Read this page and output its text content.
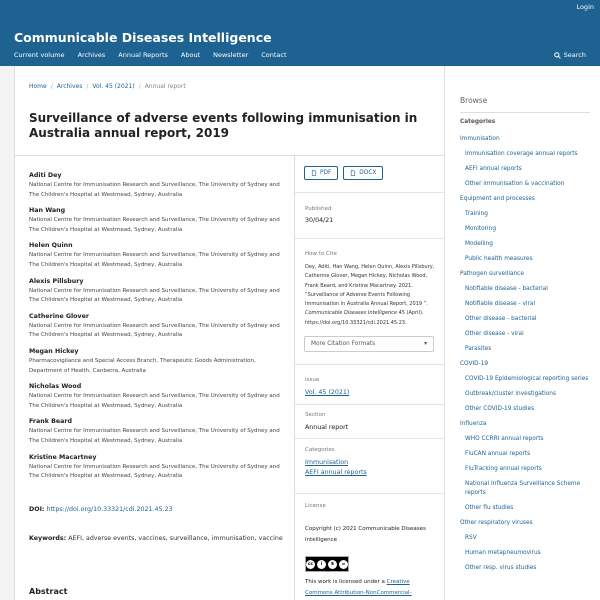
Login
Communicable Diseases Intelligence
Current volume Archives Annual Reports About Newsletter Contact	Search
Home / Archives / Vol. 45 (2021) / Annual report
Surveillance of adverse events following immunisation in Australia annual report, 2019
Aditi Dey
National Centre for Immunisation Research and Surveillance, The University of Sydney and The Children's Hospital at Westmead, Sydney, Australia
Han Wang
National Centre for Immunisation Research and Surveillance, The University of Sydney and The Children's Hospital at Westmead, Sydney, Australia
Helen Quinn
National Centre for Immunisation Research and Surveillance, The University of Sydney and The Children's Hospital at Westmead, Sydney, Australia
Alexis Pillsbury
National Centre for Immunisation Research and Surveillance, The University of Sydney and The Children's Hospital at Westmead, Sydney, Australia
Catherine Glover
National Centre for Immunisation Research and Surveillance, The University of Sydney and The Children's Hospital at Westmead, Sydney, Australia
Megan Hickey
Pharmacovigilance and Special Access Branch, Therapeutic Goods Administration, Department of Health, Canberra, Australia
Nicholas Wood
National Centre for Immunisation Research and Surveillance, The University of Sydney and The Children's Hospital at Westmead, Sydney, Australia
Frank Beard
National Centre for Immunisation Research and Surveillance, The University of Sydney and The Children's Hospital at Westmead, Sydney, Australia
Kristine Macartney
National Centre for Immunisation Research and Surveillance, The University of Sydney and The Children's Hospital at Westmead, Sydney, Australia
DOI: https://doi.org/10.33321/cdi.2021.45.23
Keywords: AEFI, adverse events, vaccines, surveillance, immunisation, vaccine
Abstract
PDF	DOCX
Published
30/04/21
How to Cite
Dey, Aditi, Han Wang, Helen Quinn, Alexis Pillsbury, Catherine Glover, Megan Hickey, Nicholas Wood, Frank Beard, and Kristine Macartney. 2021. “Surveillance of Adverse Events Following Immunisation in Australia Annual Report, 2019 ”. Communicable Diseases Intelligence 45 (April). https://doi.org/10.33321/cdi.2021.45.23.
More Citation Formats	▾
Issue
Vol. 45 (2021)
Section
Annual report
Categories
Immunisation
AEFI annual reports
License
Copyright (c) 2021 Communicable Diseases Intelligence
cc	i	$	=
This work is licensed under a Creative Commons Attribution-NonCommercial-
Browse
Categories
Immunisation
Immunisation coverage annual reports
AEFI annual reports
Other immunisation & vaccination
Equipment and processes
Training
Monitoring
Modelling
Public health measures
Pathogen surveillance
Notifiable disease - bacterial
Notifiable disease - viral
Other disease - bacterial
Other disease - viral
Parasites
COVID-19
COVID-19 Epidemiological reporting series
Outbreak/cluster investigations
Other COVID-19 studies
Influenza
WHO CCRRI annual reports
FluCAN annual reports
FluTracking annual reports
National Influenza Surveillance Scheme reports
Other flu studies
Other respiratory viruses
RSV
Human metapneumovirus
Other resp. virus studies
